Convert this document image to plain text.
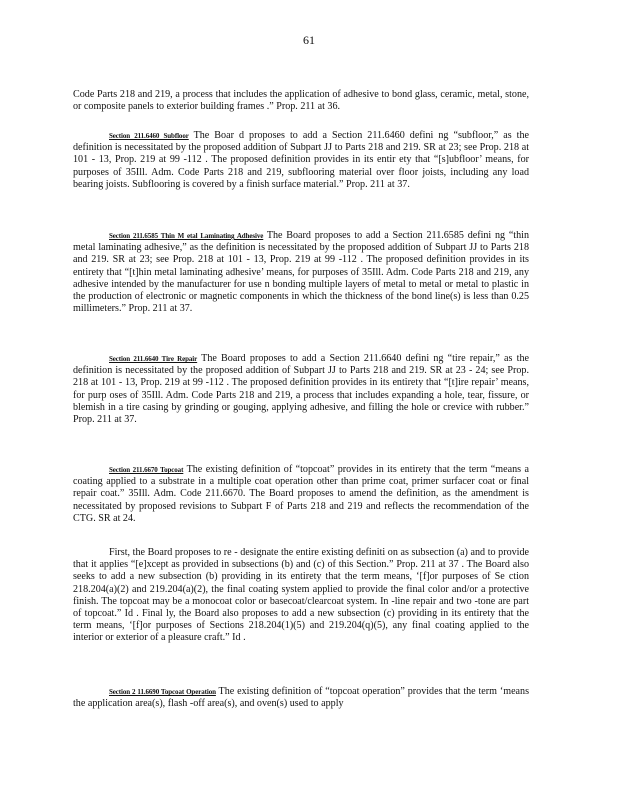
61

Code Parts 218 and 219, a process that includes the application of adhesive to bond glass, ceramic, metal, stone, or composite panels to exterior building frames .” Prop. 211 at 36.

Section 211.6460 Subfloor The Boar d proposes to add a Section 211.6460 defini ng “subfloor,” as the definition is necessitated by the proposed addition of Subpart JJ to Parts 218 and 219. SR at 23; see Prop. 218 at 101 - 13, Prop. 219 at 99 -112 . The proposed definition provides in its entir ety that “[s]ubfloor’ means, for purposes of 35Ill. Adm. Code Parts 218 and 219, subflooring material over floor joists, including any load bearing joists. Subflooring is covered by a finish surface material.” Prop. 211 at 37.

Section 211.6585 Thin M etal Laminating Adhesive The Board proposes to add a Section 211.6585 defini ng “thin metal laminating adhesive,” as the definition is necessitated by the proposed addition of Subpart JJ to Parts 218 and 219. SR at 23; see Prop. 218 at 101 - 13, Prop. 219 at 99 -112 . The proposed definition provides in its entirety that “[t]hin metal laminating adhesive’ means, for purposes of 35Ill. Adm. Code Parts 218 and 219, any adhesive intended by the manufacturer for use n bonding multiple layers of metal to metal or metal to plastic in the production of electronic or magnetic components in which the thickness of the bond line(s) is less than 0.25 millimeters.” Prop. 211 at 37.

Section 211.6640 Tire Repair The Board proposes to add a Section 211.6640 defini ng “tire repair,” as the definition is necessitated by the proposed addition of Subpart JJ to Parts 218 and 219. SR at 23 - 24; see Prop. 218 at 101 - 13, Prop. 219 at 99 -112 . The proposed definition provides in its entirety that “[t]ire repair’ means, for purp oses of 35Ill. Adm. Code Parts 218 and 219, a process that includes expanding a hole, tear, fissure, or blemish in a tire casing by grinding or gouging, applying adhesive, and filling the hole or crevice with rubber.” Prop. 211 at 37.

Section 211.6670 Topcoat The existing definition of “topcoat” provides in its entirety that the term “means a coating applied to a substrate in a multiple coat operation other than prime coat, primer surfacer coat or final repair coat.” 35Ill. Adm. Code 211.6670. The Board proposes to amend the definition, as the amendment is necessitated by proposed revisions to Subpart F of Parts 218 and 219 and reflects the recommendation of the CTG. SR at 24.

First, the Board proposes to re - designate the entire existing definiti on as subsection (a) and to provide that it applies “[e]xcept as provided in subsections (b) and (c) of this Section.” Prop. 211 at 37 . The Board also seeks to add a new subsection (b) providing in its entirety that the term means, ‘[f]or purposes of Se ction 218.204(a)(2) and 219.204(a)(2), the final coating system applied to provide the final color and/or a protective finish. The topcoat may be a monocoat color or basecoat/clearcoat system. In -line repair and two -tone are part of topcoat.” Id . Final ly, the Board also proposes to add a new subsection (c) providing in its entirety that the term means, ‘[f]or purposes of Sections 218.204(1)(5) and 219.204(q)(5), any final coating applied to the interior or exterior of a pleasure craft.” Id .

Section 2 11.6690 Topcoat Operation The existing definition of “topcoat operation” provides that the term ‘means the application area(s), flash -off area(s), and oven(s) used to apply
